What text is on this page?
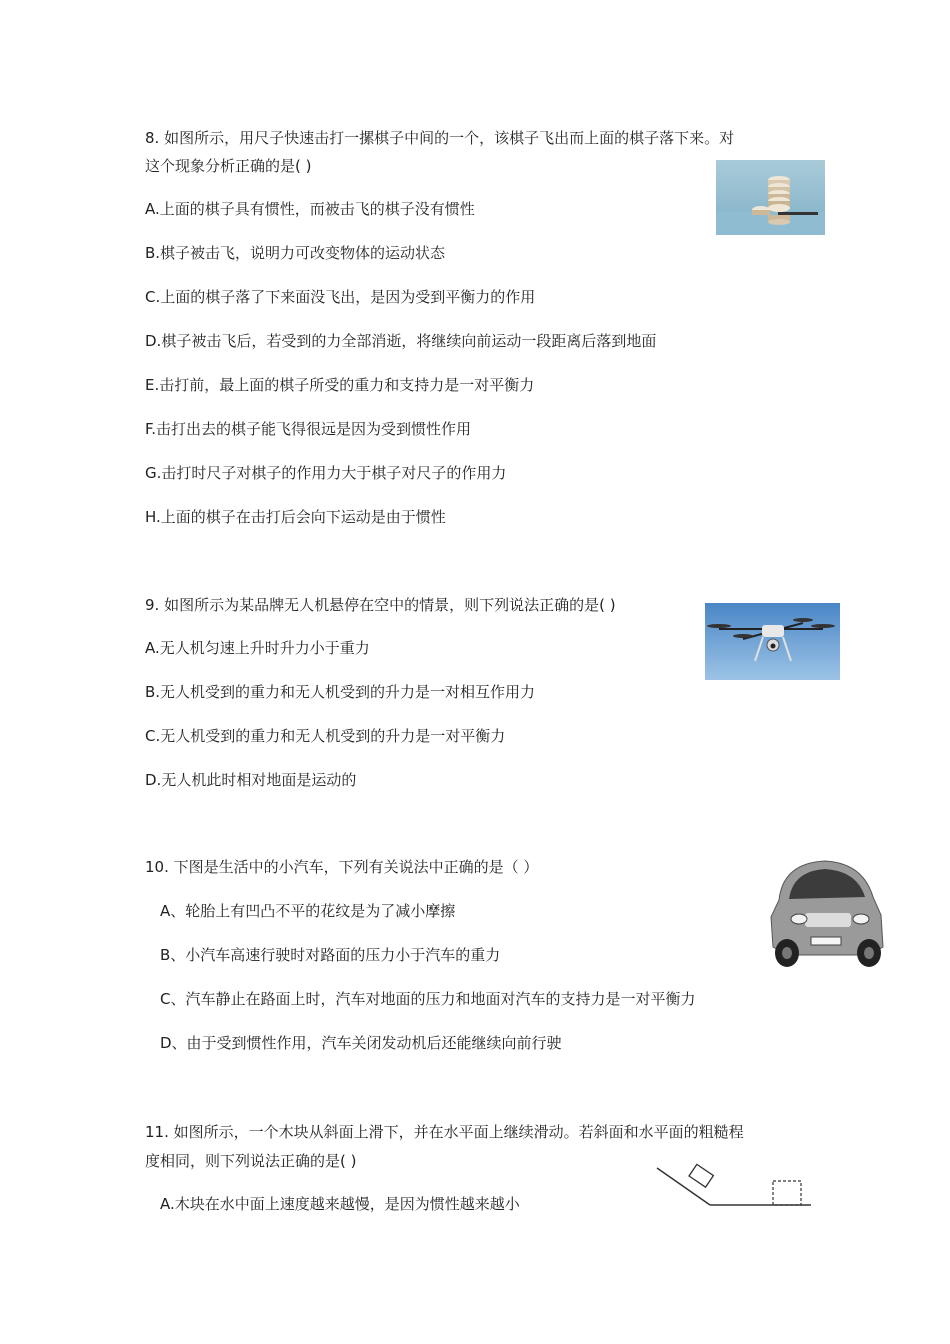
8. 如图所示，用尺子快速击打一摞棋子中间的一个，该棋子飞出而上面的棋子落下来。对
这个现象分析正确的是( )
A.上面的棋子具有惯性，而被击飞的棋子没有惯性
B.棋子被击飞，说明力可改变物体的运动状态
C.上面的棋子落了下来面没飞出，是因为受到平衡力的作用
D.棋子被击飞后，若受到的力全部消逝，将继续向前运动一段距离后落到地面
E.击打前，最上面的棋子所受的重力和支持力是一对平衡力
F.击打出去的棋子能飞得很远是因为受到惯性作用
G.击打时尺子对棋子的作用力大于棋子对尺子的作用力
H.上面的棋子在击打后会向下运动是由于惯性
9. 如图所示为某品牌无人机悬停在空中的情景，则下列说法正确的是( )
A.无人机匀速上升时升力小于重力
B.无人机受到的重力和无人机受到的升力是一对相互作用力
C.无人机受到的重力和无人机受到的升力是一对平衡力
D.无人机此时相对地面是运动的
10. 下图是生活中的小汽车，下列有关说法中正确的是（ ）
A、轮胎上有凹凸不平的花纹是为了减小摩擦
B、小汽车高速行驶时对路面的压力小于汽车的重力
C、汽车静止在路面上时，汽车对地面的压力和地面对汽车的支持力是一对平衡力
D、由于受到惯性作用，汽车关闭发动机后还能继续向前行驶
11. 如图所示，一个木块从斜面上滑下，并在水平面上继续滑动。若斜面和水平面的粗糙程
度相同，则下列说法正确的是( )
A.木块在水中面上速度越来越慢，是因为惯性越来越小
